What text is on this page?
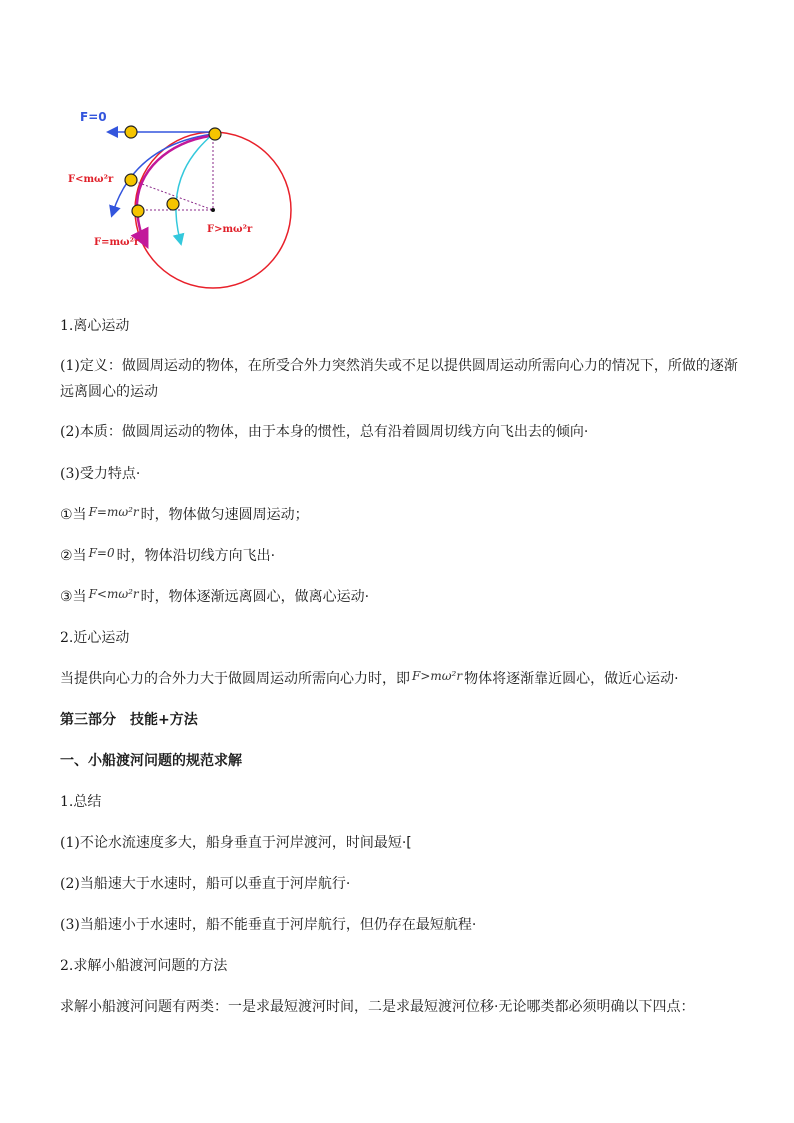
F=0
F<mω²r
F=mω²r
F>mω²r
1.离心运动
(1)定义：做圆周运动的物体，在所受合外力突然消失或不足以提供圆周运动所需向心力的情况下，所做的逐渐远离圆心的运动
(2)本质：做圆周运动的物体，由于本身的惯性，总有沿着圆周切线方向飞出去的倾向·
(3)受力特点·
①当 F=mω²r 时，物体做匀速圆周运动；
②当 F=0 时，物体沿切线方向飞出·
③当 F<mω²r 时，物体逐渐远离圆心，做离心运动·
2.近心运动
当提供向心力的合外力大于做圆周运动所需向心力时，即 F>mω²r 物体将逐渐靠近圆心，做近心运动·
第三部分　技能+方法
一、小船渡河问题的规范求解
1.总结
(1)不论水流速度多大，船身垂直于河岸渡河，时间最短·[
(2)当船速大于水速时，船可以垂直于河岸航行·
(3)当船速小于水速时，船不能垂直于河岸航行，但仍存在最短航程·
2.求解小船渡河问题的方法
求解小船渡河问题有两类：一是求最短渡河时间，二是求最短渡河位移·无论哪类都必须明确以下四点：
